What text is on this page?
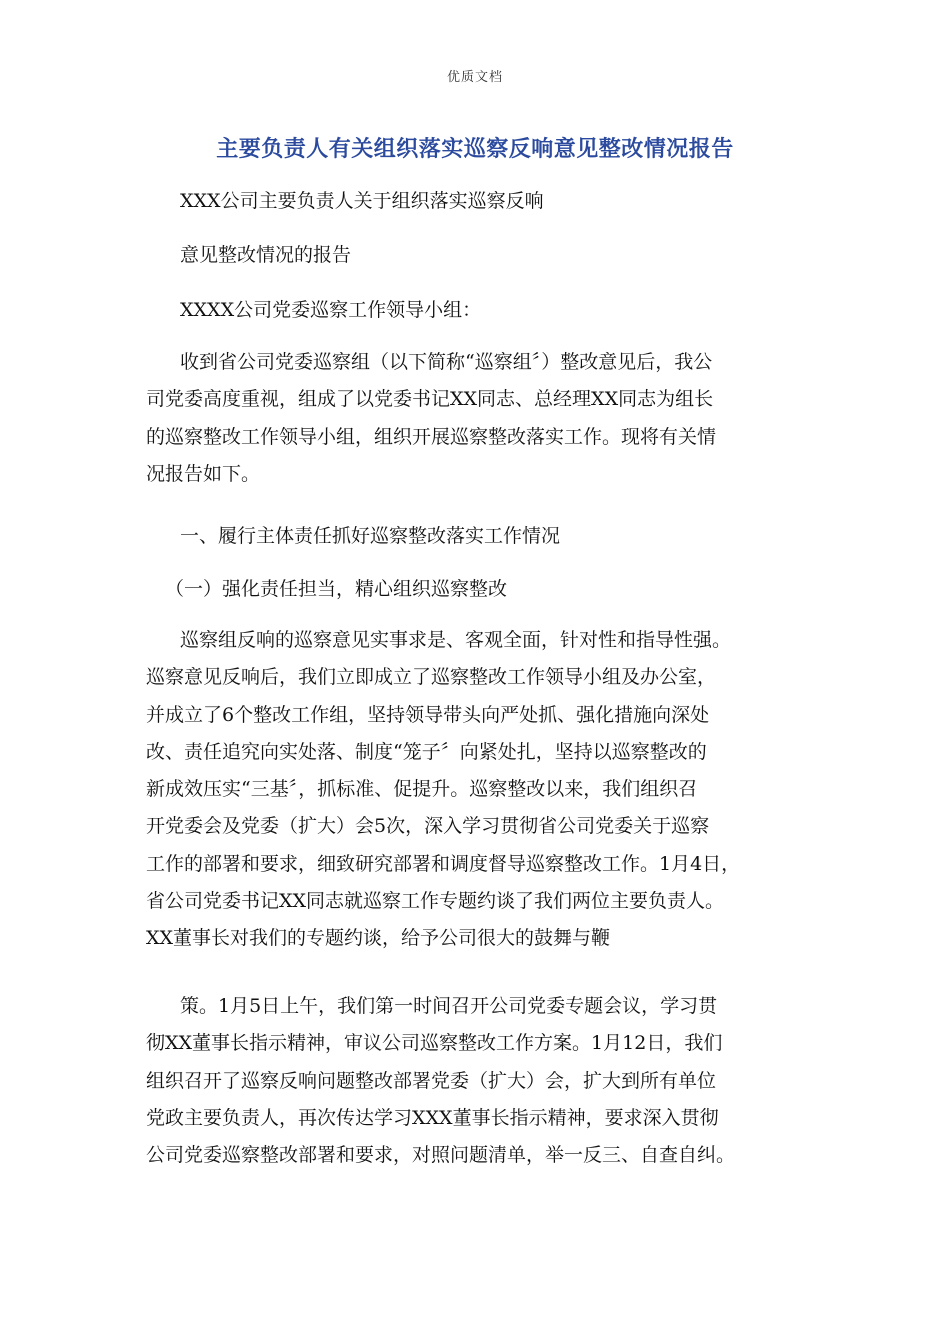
优质文档
主要负责人有关组织落实巡察反响意见整改情况报告
XXX公司主要负责人关于组织落实巡察反响
意见整改情况的报告
XXXX公司党委巡察工作领导小组：
收到省公司党委巡察组（以下简称“巡察组〞）整改意见后，我公
司党委高度重视，组成了以党委书记XX同志、总经理XX同志为组长
的巡察整改工作领导小组，组织开展巡察整改落实工作。现将有关情
况报告如下。
一、履行主体责任抓好巡察整改落实工作情况
（一）强化责任担当，精心组织巡察整改
巡察组反响的巡察意见实事求是、客观全面，针对性和指导性强。
巡察意见反响后，我们立即成立了巡察整改工作领导小组及办公室，
并成立了6个整改工作组，坚持领导带头向严处抓、强化措施向深处
改、责任追究向实处落、制度“笼子〞向紧处扎，坚持以巡察整改的
新成效压实“三基〞，抓标准、促提升。巡察整改以来，我们组织召
开党委会及党委（扩大）会5次，深入学习贯彻省公司党委关于巡察
工作的部署和要求，细致研究部署和调度督导巡察整改工作。1月4日，
省公司党委书记XX同志就巡察工作专题约谈了我们两位主要负责人。
XX董事长对我们的专题约谈，给予公司很大的鼓舞与鞭
策。1月5日上午，我们第一时间召开公司党委专题会议，学习贯
彻XX董事长指示精神，审议公司巡察整改工作方案。1月12日，我们
组织召开了巡察反响问题整改部署党委（扩大）会，扩大到所有单位
党政主要负责人，再次传达学习XXX董事长指示精神，要求深入贯彻
公司党委巡察整改部署和要求，对照问题清单，举一反三、自查自纠。
